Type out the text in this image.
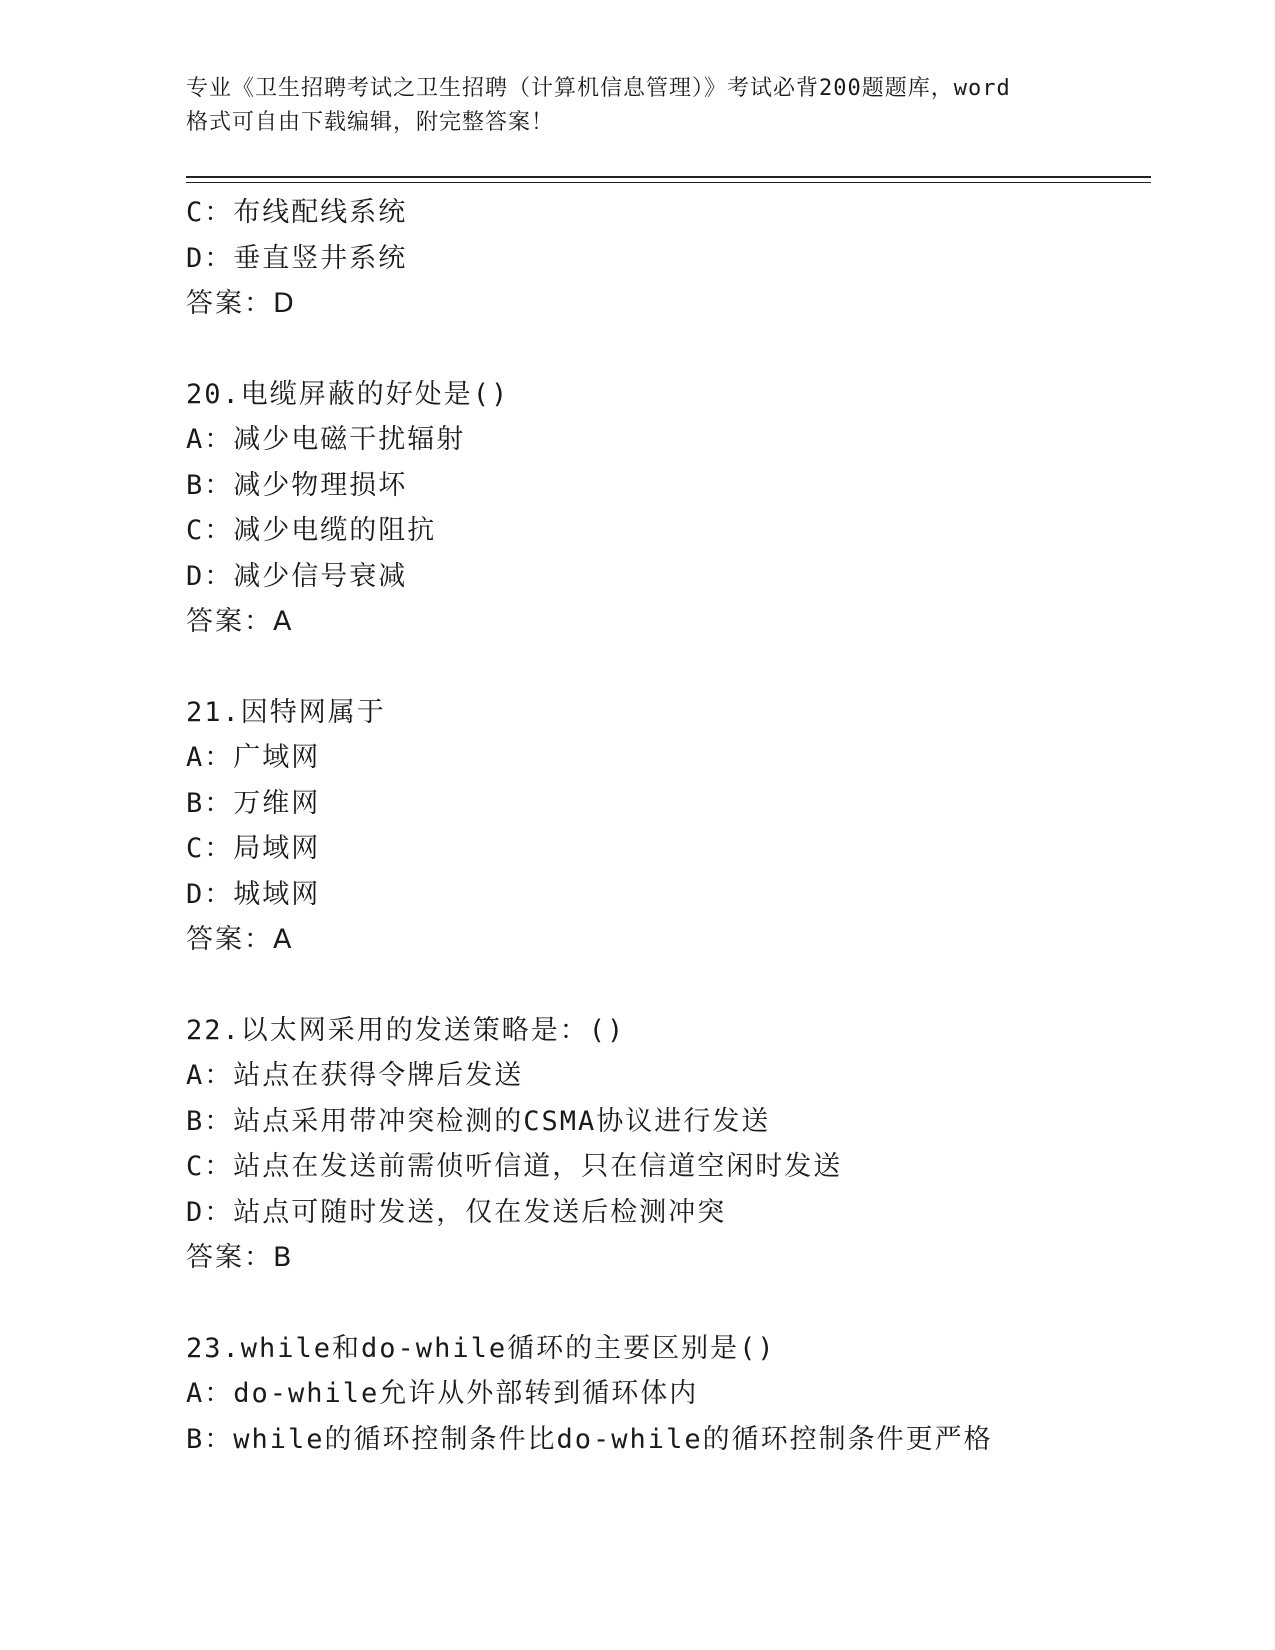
专业《卫生招聘考试之卫生招聘（计算机信息管理）》考试必背200题题库，word
格式可自由下载编辑，附完整答案！
C：布线配线系统
D：垂直竖井系统
答案：D
20.电缆屏蔽的好处是()
A：减少电磁干扰辐射
B：减少物理损坏
C：减少电缆的阻抗
D：减少信号衰减
答案：A
21.因特网属于
A：广域网
B：万维网
C：局域网
D：城域网
答案：A
22.以太网采用的发送策略是：()
A：站点在获得令牌后发送
B：站点采用带冲突检测的CSMA协议进行发送
C：站点在发送前需侦听信道，只在信道空闲时发送
D：站点可随时发送，仅在发送后检测冲突
答案：B
23.while和do-while循环的主要区别是()
A：do-while允许从外部转到循环体内
B：while的循环控制条件比do-while的循环控制条件更严格
